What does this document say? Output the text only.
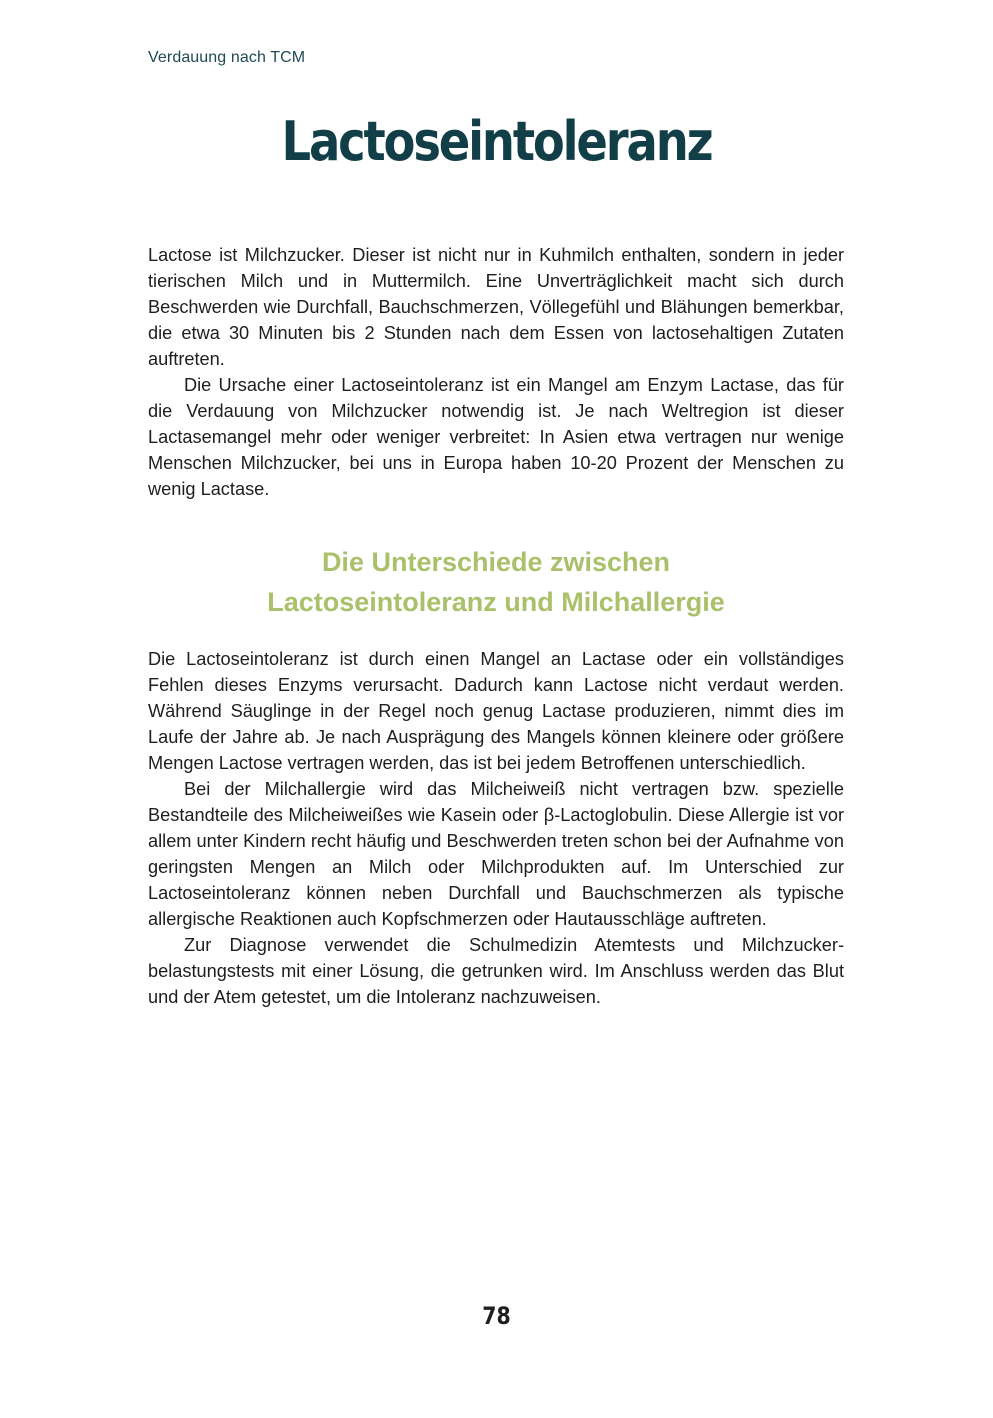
Verdauung nach TCM
Lactoseintoleranz

Lactose ist Milchzucker. Dieser ist nicht nur in Kuhmilch enthalten, sondern in jeder tierischen Milch und in Muttermilch. Eine Unverträglichkeit macht sich durch Beschwerden wie Durchfall, Bauchschmerzen, Völlegefühl und Blähungen bemerkbar, die etwa 30 Minuten bis 2 Stunden nach dem Essen von lactosehaltigen Zutaten auftreten.

Die Ursache einer Lactoseintoleranz ist ein Mangel am Enzym Lactase, das für die Verdauung von Milchzucker notwendig ist. Je nach Weltregion ist dieser Lactasemangel mehr oder weniger verbreitet: In Asien etwa vertragen nur wenige Menschen Milchzucker, bei uns in Europa haben 10-20 Prozent der Menschen zu wenig Lactase.

Die Unterschiede zwischen
Lactoseintoleranz und Milchallergie

Die Lactoseintoleranz ist durch einen Mangel an Lactase oder ein vollständiges Fehlen dieses Enzyms verursacht. Dadurch kann Lactose nicht verdaut werden. Während Säuglinge in der Regel noch genug Lactase produzieren, nimmt dies im Laufe der Jahre ab. Je nach Ausprägung des Mangels können kleinere oder größere Mengen Lactose vertragen werden, das ist bei jedem Betroffenen unterschiedlich.

Bei der Milchallergie wird das Milcheiweiß nicht vertragen bzw. spezielle Bestandteile des Milcheiweißes wie Kasein oder β-Lactoglobulin. Diese Allergie ist vor allem unter Kindern recht häufig und Beschwerden treten schon bei der Aufnahme von geringsten Mengen an Milch oder Milchprodukten auf. Im Unterschied zur Lactoseintoleranz können neben Durchfall und Bauchschmerzen als typische allergische Reaktionen auch Kopfschmerzen oder Hautausschläge auftreten.

Zur Diagnose verwendet die Schulmedizin Atemtests und Milchzuckerbelastungstests mit einer Lösung, die getrunken wird. Im Anschluss werden das Blut und der Atem getestet, um die Intoleranz nachzuweisen.

78
